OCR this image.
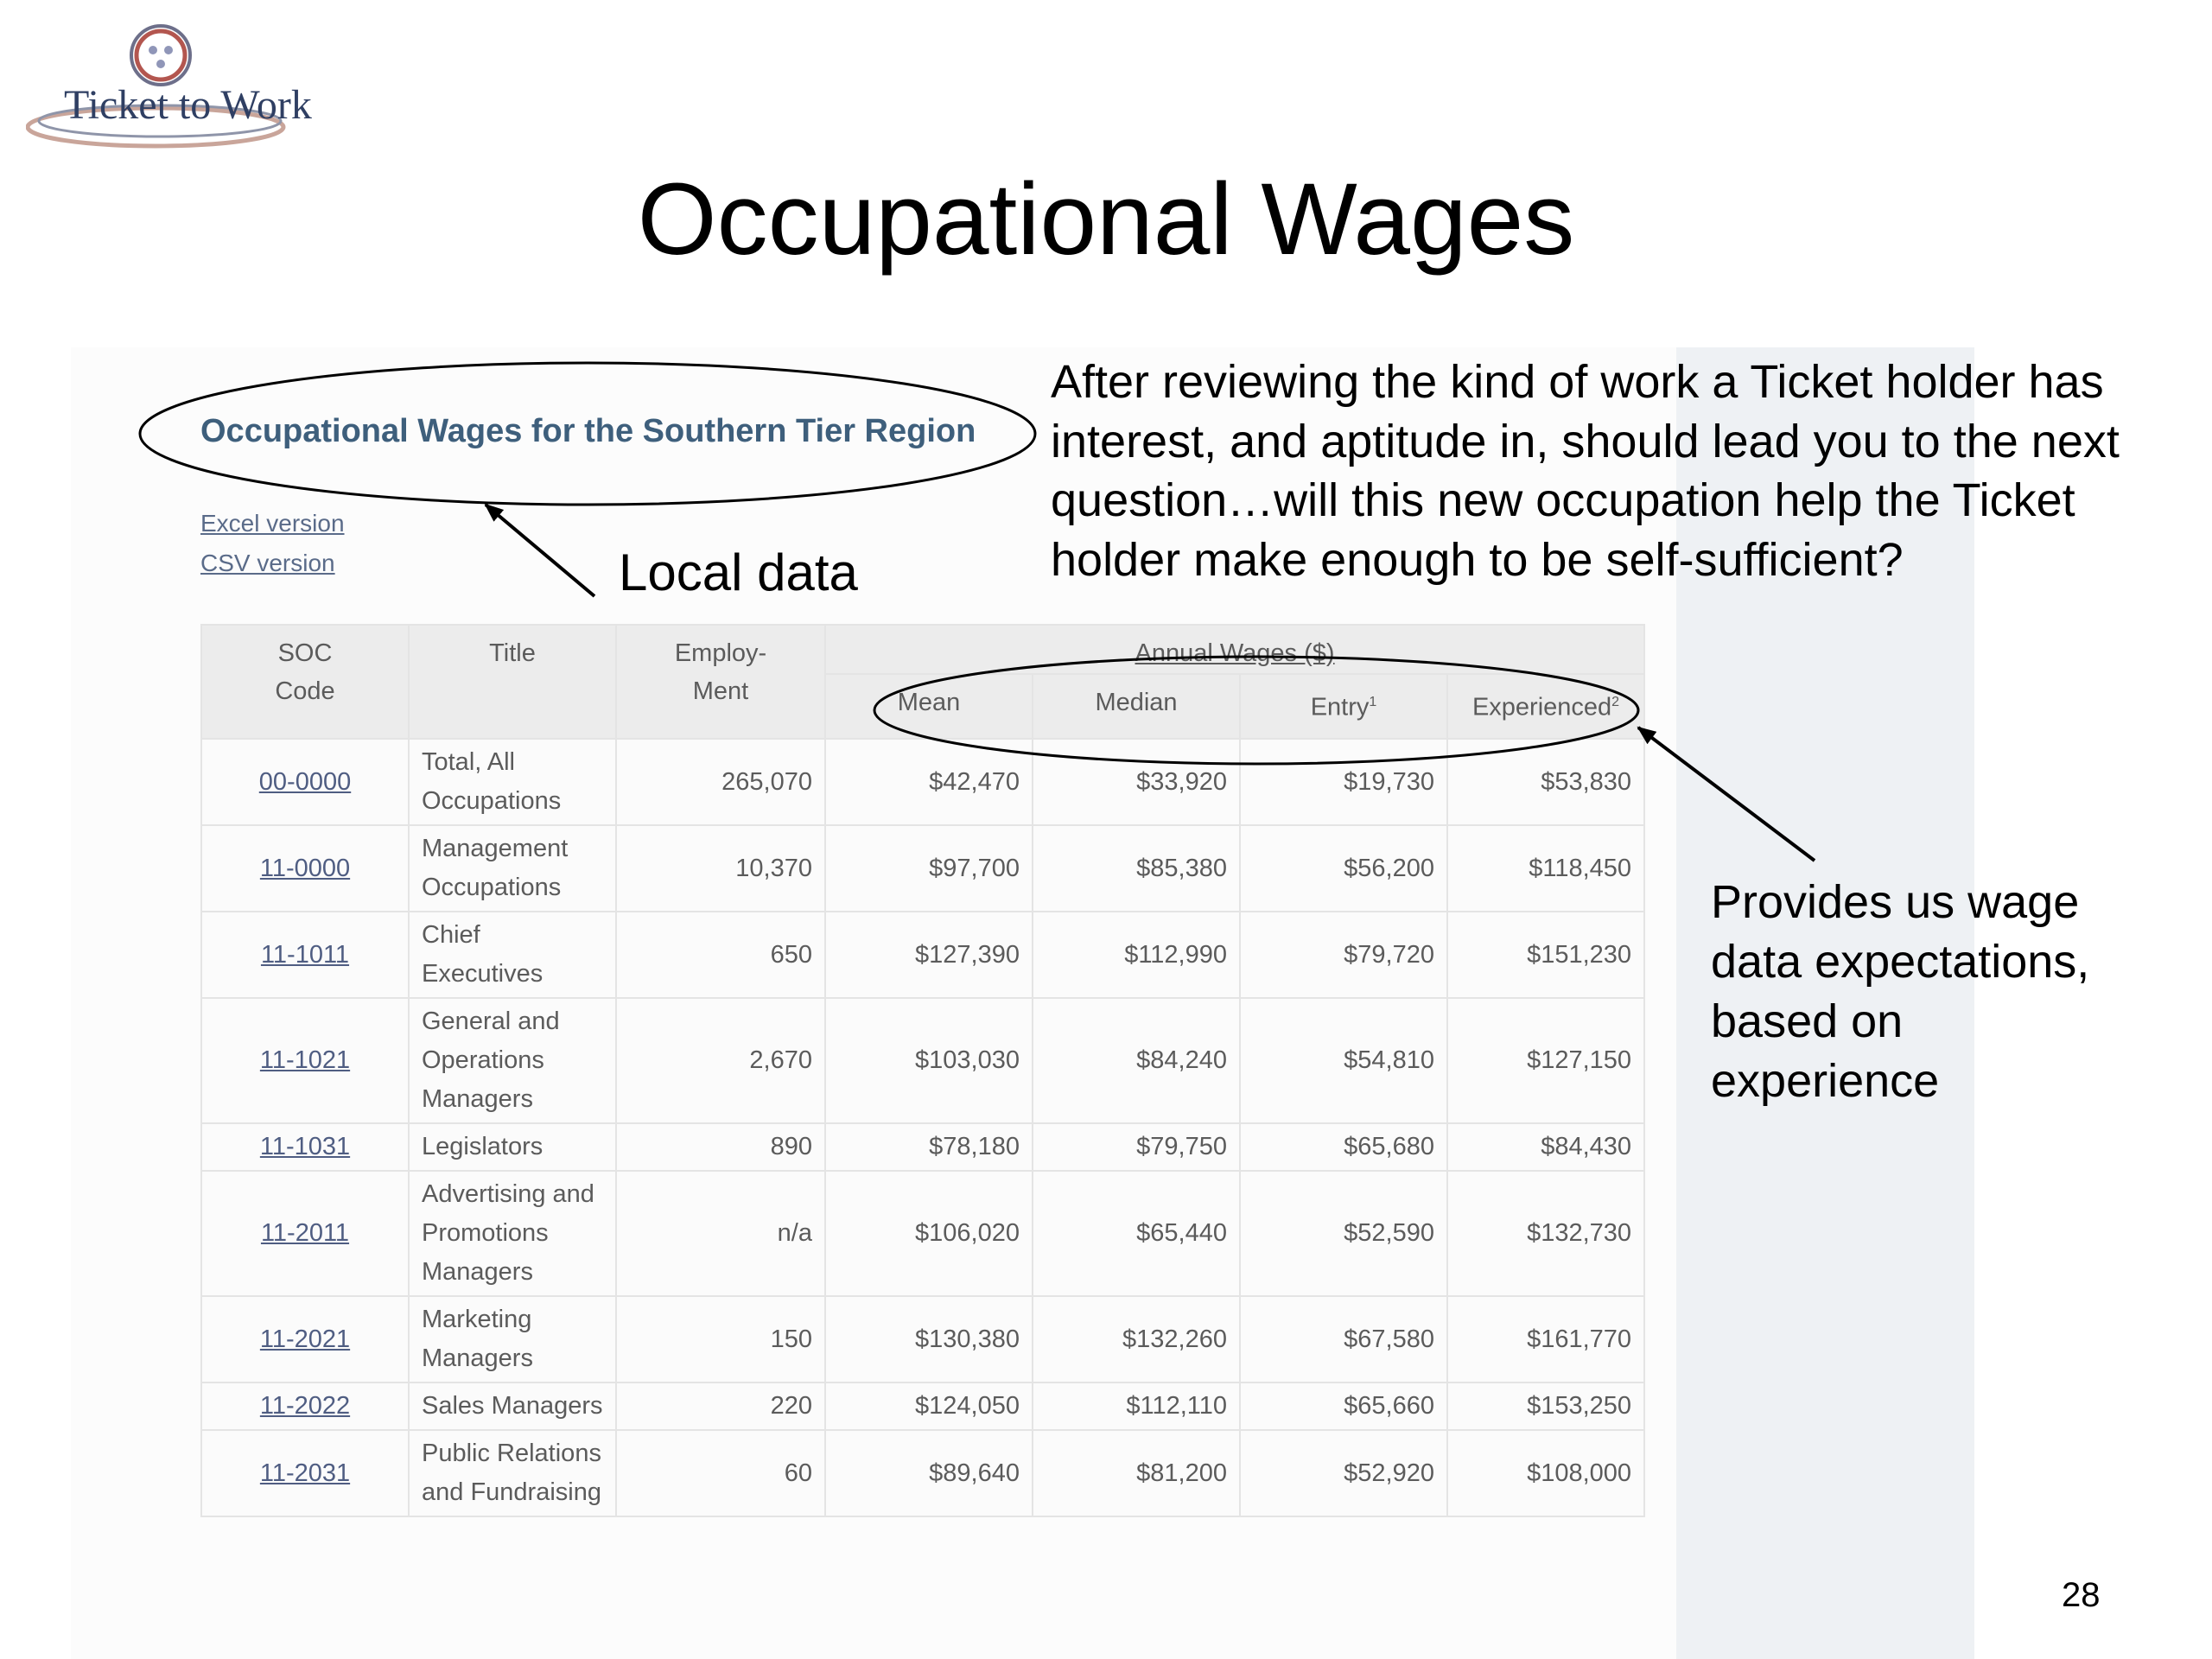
Ticket to Work
Occupational Wages
Occupational Wages for the Southern Tier Region
Excel version
CSV version
SOC Code	Title	Employ-
Ment	Annual Wages ($)			
			Mean	Median	Entry$^1$	Experienced$^2$
00-0000	Total, All Occupations	265,070	$42,470	$33,920	$19,730	$53,830
11-0000	Management Occupations	10,370	$97,700	$85,380	$56,200	$118,450
11-1011	Chief Executives	650	$127,390	$112,990	$79,720	$151,230
11-1021	General and Operations Managers	2,670	$103,030	$84,240	$54,810	$127,150
11-1031	Legislators	890	$78,180	$79,750	$65,680	$84,430
11-2011	Advertising and Promotions Managers	n/a	$106,020	$65,440	$52,590	$132,730
11-2021	Marketing Managers	150	$130,380	$132,260	$67,580	$161,770
11-2022	Sales Managers	220	$124,050	$112,110	$65,660	$153,250
11-2031	Public Relations and Fundraising	60	$89,640	$81,200	$52,920	$108,000
After reviewing the kind of work a Ticket holder has interest, and aptitude in, should lead you to the next question…will this new occupation help the Ticket holder make enough to be self-sufficient?
Local data
Provides us wage data expectations, based on experience
28
